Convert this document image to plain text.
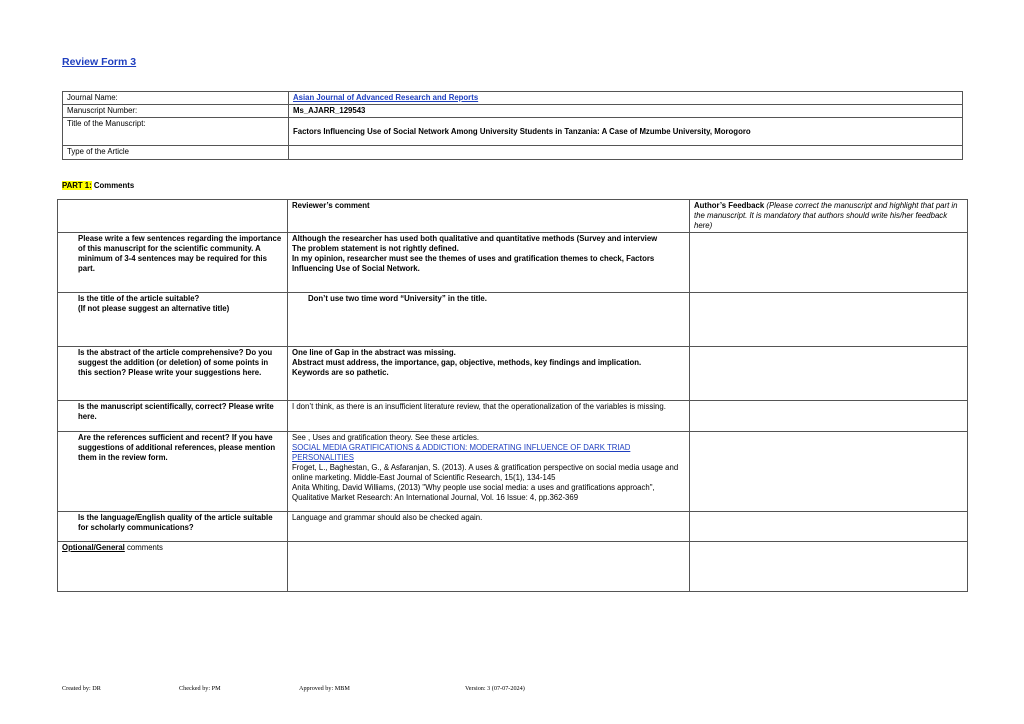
Review Form 3
Journal Name:	Asian Journal of Advanced Research and Reports
Manuscript Number:	Ms_AJARR_129543
Title of the Manuscript:	Factors Influencing Use of Social Network Among University Students in Tanzania: A Case of Mzumbe University, Morogoro
Type of the Article	

PART 1: Comments

	Reviewer’s comment	Author’s Feedback (Please correct the manuscript and highlight that part in the manuscript. It is mandatory that authors should write his/her feedback here)
Please write a few sentences regarding the importance of this manuscript for the scientific community. A minimum of 3-4 sentences may be required for this part.	Although the researcher has used both qualitative and quantitative methods (Survey and interview
The problem statement is not rightly defined.
In my opinion, researcher must see the themes of uses and gratification themes to check, Factors Influencing Use of Social Network.	

Is the title of the article suitable?
(If not please suggest an alternative title)	Don’t use two time word “University” in the title.	

Is the abstract of the article comprehensive? Do you suggest the addition (or deletion) of some points in this section? Please write your suggestions here.	One line of Gap in the abstract was missing.
Abstract must address, the importance, gap, objective, methods, key findings and implication.
Keywords are so pathetic.	

Is the manuscript scientifically, correct? Please write here.	I don’t think, as there is an insufficient literature review, that the operationalization of the variables is missing.	

Are the references sufficient and recent? If you have suggestions of additional references, please mention them in the review form.	See , Uses and gratification theory. See these articles.
SOCIAL MEDIA GRATIFICATIONS & ADDICTION: MODERATING INFLUENCE OF DARK TRIAD PERSONALITIES
Froget, L., Baghestan, G., & Asfaranjan, S. (2013). A uses & gratification perspective on social media usage and online marketing. Middle-East Journal of Scientific Research, 15(1), 134-145
Anita Whiting, David Williams, (2013) "Why people use social media: a uses and gratifications approach", Qualitative Market Research: An International Journal, Vol. 16 Issue: 4, pp.362-369	

Is the language/English quality of the article suitable for scholarly communications?	Language and grammar should also be checked again.	

Optional/General comments		
Created by: DR	Checked by: PM	Approved by: MBM	Version: 3 (07-07-2024)
